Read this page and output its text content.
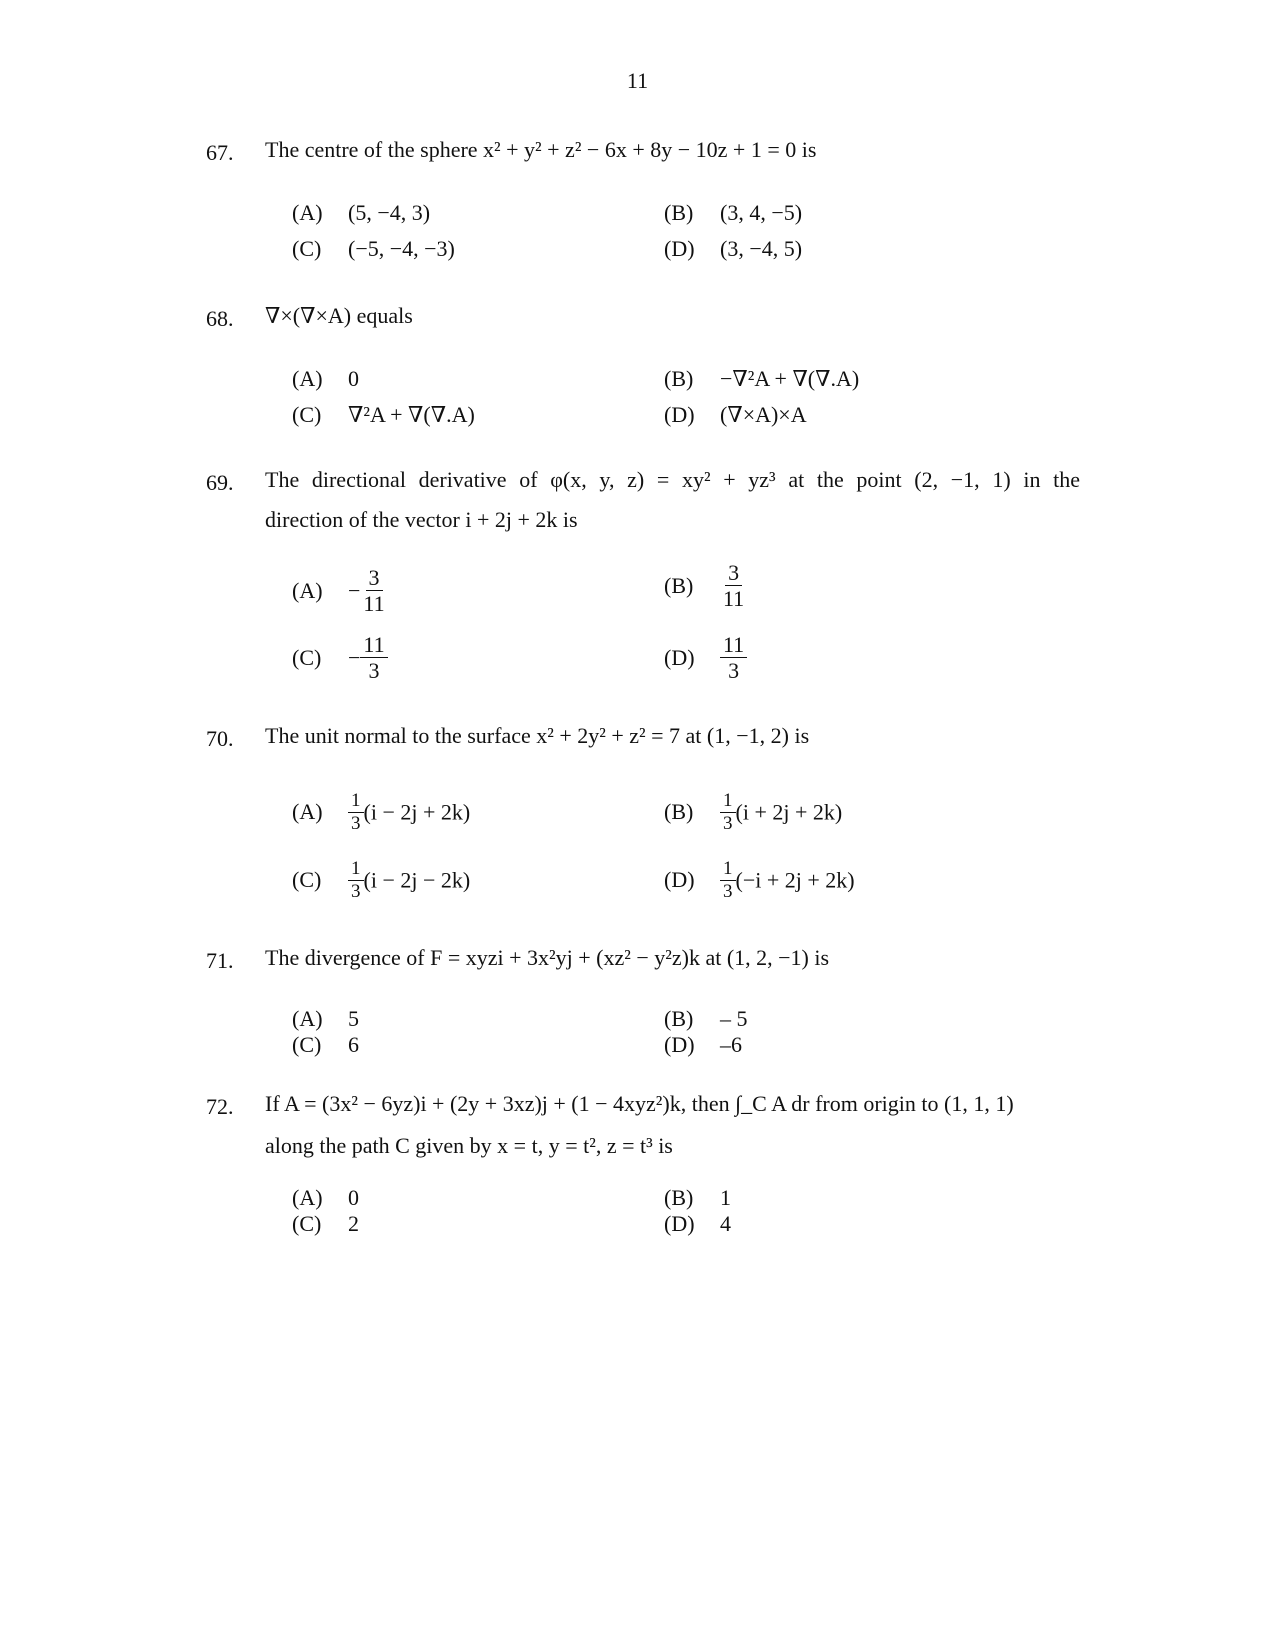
11
67. The centre of the sphere x² + y² + z² − 6x + 8y − 10z + 1 = 0 is
(A) (5, −4, 3)	(B) (3, 4, −5)
(C) (−5, −4, −3)	(D) (3, −4, 5)
68. ∇×(∇×A) equals
(A) 0	(B) −∇²A + ∇(∇.A)
(C) ∇²A + ∇(∇.A)	(D) (∇×A)×A
69. The directional derivative of φ(x, y, z) = xy² + yz³ at the point (2, −1, 1) in the
direction of the vector i + 2j + 2k is
$(A) - \frac{3}{11}$	$(B) \frac{3}{11}$
$(C) - \frac{11}{3}$	$(D) \frac{11}{3}$
70. The unit normal to the surface x² + 2y² + z² = 7 at (1, −1, 2) is
$(A) \frac{1}{3} (i - 2j + 2k)$	$(B) \frac{1}{3} (i + 2j + 2k)$
$(C) \frac{1}{3} (i - 2j - 2k)$	$(D) \frac{1}{3} (-i + 2j + 2k)$
71. The divergence of F = xyzi + 3x²yj + (xz² − y²z)k at (1, 2, −1) is
(A) 5	(B) – 5
(C) 6	(D) –6
72. If A = (3x² − 6yz)i + (2y + 3xz)j + (1 − 4xyz²)k, then ∫_C A dr from origin to (1, 1, 1)
along the path C given by x = t, y = t², z = t³ is
(A) 0	(B) 1
(C) 2	(D) 4
